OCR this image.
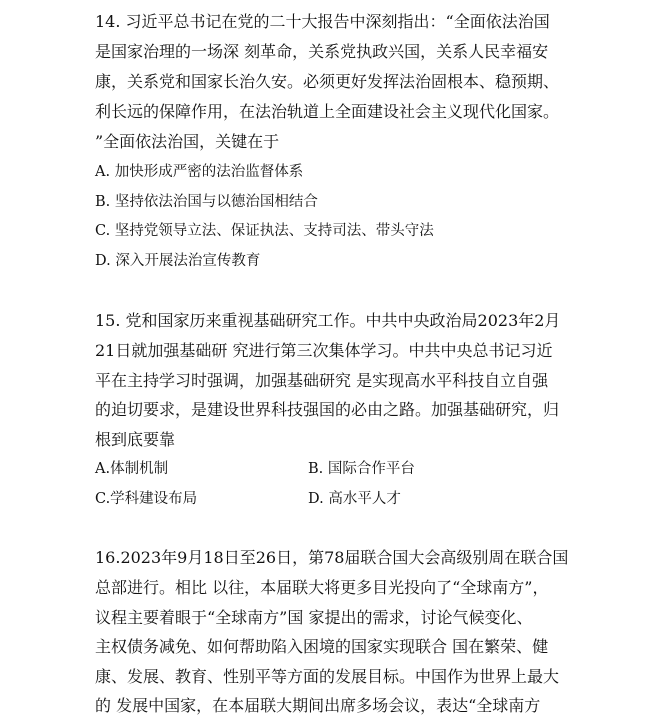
14. 习近平总书记在党的二十大报告中深刻指出：“全面依法治国

是国家治理的一场深 刻革命，关系党执政兴国，关系人民幸福安

康，关系党和国家长治久安。必须更好发挥法治固根本、稳预期、

利长远的保障作用，在法治轨道上全面建设社会主义现代化国家。

”全面依法治国，关键在于

A. 加快形成严密的法治监督体系

B. 坚持依法治国与以德治国相结合

C. 坚持党领导立法、保证执法、支持司法、带头守法

D. 深入开展法治宣传教育

15. 党和国家历来重视基础研究工作。中共中央政治局2023年2月

21日就加强基础研 究进行第三次集体学习。中共中央总书记习近

平在主持学习时强调，加强基础研究 是实现高水平科技自立自强

的迫切要求，是建设世界科技强国的必由之路。加强基础研究，归

根到底要靠

A.体制机制	B. 国际合作平台

C.学科建设布局	D. 高水平人才

16.2023年9月18日至26日，第78届联合国大会高级别周在联合国

总部进行。相比 以往，本届联大将更多目光投向了“全球南方”，

议程主要着眼于“全球南方”国 家提出的需求，讨论气候变化、

主权债务减免、如何帮助陷入困境的国家实现联合 国在繁荣、健

康、发展、教育、性别平等方面的发展目标。中国作为世界上最大

的 发展中国家，在本届联大期间出席多场会议，表达“全球南方
